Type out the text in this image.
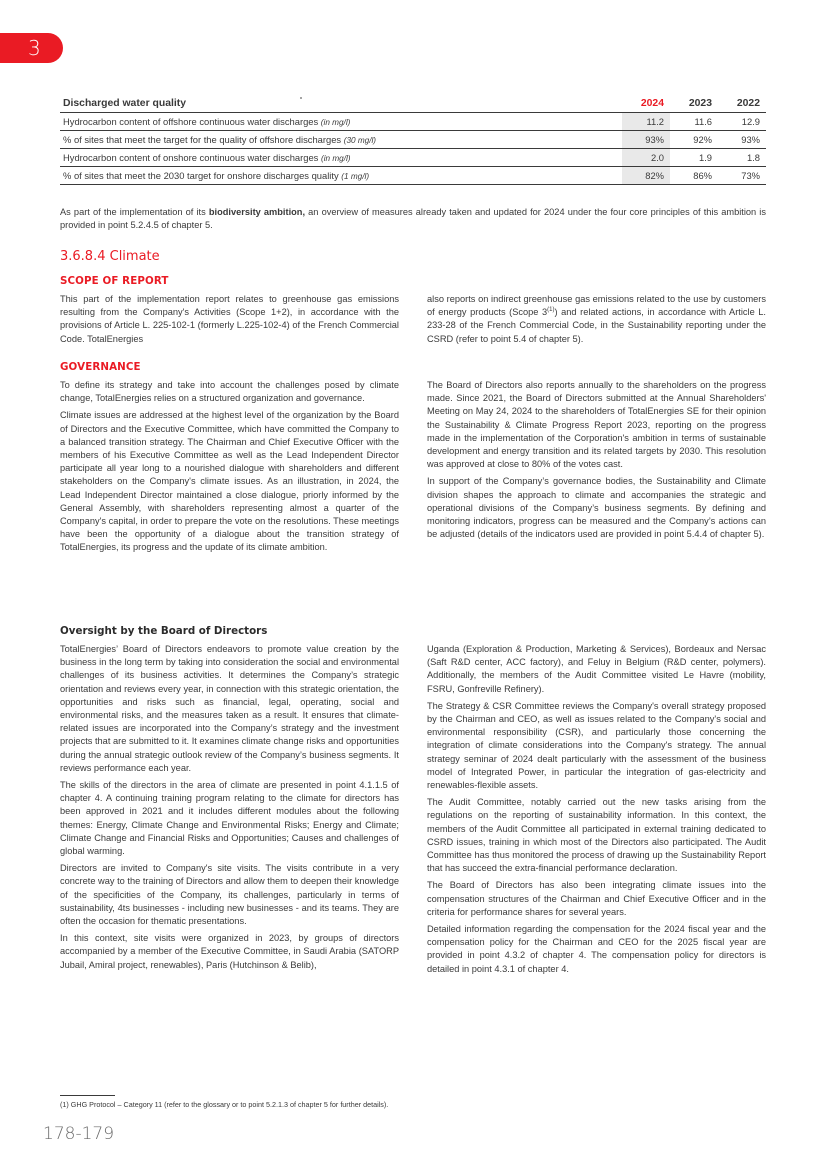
3
Discharged water quality	2024	2023	2022
Hydrocarbon content of offshore continuous water discharges (in mg/l)	11.2	11.6	12.9
% of sites that meet the target for the quality of offshore discharges (30 mg/l)	93%	92%	93%
Hydrocarbon content of onshore continuous water discharges (in mg/l)	2.0	1.9	1.8
% of sites that meet the 2030 target for onshore discharges quality (1 mg/l)	82%	86%	73%

As part of the implementation of its biodiversity ambition, an overview of measures already taken and updated for 2024 under the four core principles of this ambition is provided in point 5.2.4.5 of chapter 5.

3.6.8.4 Climate
SCOPE OF REPORT

This part of the implementation report relates to greenhouse gas emissions resulting from the Company's Activities (Scope 1+2), in accordance with the provisions of Article L. 225-102-1 (formerly L.225-102-4) of the French Commercial Code. TotalEnergies

also reports on indirect greenhouse gas emissions related to the use by customers of energy products (Scope 3$^{(1)}$) and related actions, in accordance with Article L. 233-28 of the French Commercial Code, in the Sustainability reporting under the CSRD (refer to point 5.4 of chapter 5).

GOVERNANCE

To define its strategy and take into account the challenges posed by climate change, TotalEnergies relies on a structured organization and governance.

Climate issues are addressed at the highest level of the organization by the Board of Directors and the Executive Committee, which have committed the Company to a balanced transition strategy. The Chairman and Chief Executive Officer with the members of his Executive Committee as well as the Lead Independent Director participate all year long to a nourished dialogue with shareholders and different stakeholders on the Company's climate issues. As an illustration, in 2024, the Lead Independent Director maintained a close dialogue, priorly informed by the General Assembly, with shareholders representing almost a quarter of the Company's capital, in order to prepare the vote on the resolutions. These meetings have been the opportunity of a dialogue about the transition strategy of TotalEnergies, its progress and the update of its climate ambition.

The Board of Directors also reports annually to the shareholders on the progress made. Since 2021, the Board of Directors submitted at the Annual Shareholders' Meeting on May 24, 2024 to the shareholders of TotalEnergies SE for their opinion the Sustainability & Climate Progress Report 2023, reporting on the progress made in the implementation of the Corporation's ambition in terms of sustainable development and energy transition and its related targets by 2030. This resolution was approved at close to 80% of the votes cast.

In support of the Company’s governance bodies, the Sustainability and Climate division shapes the approach to climate and accompanies the strategic and operational divisions of the Company’s business segments. By defining and monitoring indicators, progress can be measured and the Company’s actions can be adjusted (details of the indicators used are provided in point 5.4.4 of chapter 5).

Oversight by the Board of Directors

TotalEnergies’ Board of Directors endeavors to promote value creation by the business in the long term by taking into consideration the social and environmental challenges of its business activities. It determines the Company’s strategic orientation and reviews every year, in connection with this strategic orientation, the opportunities and risks such as financial, legal, operating, social and environmental risks, and the measures taken as a result. It ensures that climate-related issues are incorporated into the Company’s strategy and the investment projects that are submitted to it. It examines climate change risks and opportunities during the annual strategic outlook review of the Company’s business segments. It reviews performance each year.

The skills of the directors in the area of climate are presented in point 4.1.1.5 of chapter 4. A continuing training program relating to the climate for directors has been approved in 2021 and it includes different modules about the following themes: Energy, Climate Change and Environmental Risks; Energy and Climate; Climate Change and Financial Risks and Opportunities; Causes and challenges of global warming.

Directors are invited to Company's site visits. The visits contribute in a very concrete way to the training of Directors and allow them to deepen their knowledge of the specificities of the Company, its challenges, particularly in terms of sustainability, 4ts businesses - including new businesses - and its teams. They are often the occasion for thematic presentations.

In this context, site visits were organized in 2023, by groups of directors accompanied by a member of the Executive Committee, in Saudi Arabia (SATORP Jubail, Amiral project, renewables), Paris (Hutchinson & Belib),

Uganda (Exploration & Production, Marketing & Services), Bordeaux and Nersac (Saft R&D center, ACC factory), and Feluy in Belgium (R&D center, polymers). Additionally, the members of the Audit Committee visited Le Havre (mobility, FSRU, Gonfreville Refinery).

The Strategy & CSR Committee reviews the Company's overall strategy proposed by the Chairman and CEO, as well as issues related to the Company's social and environmental responsibility (CSR), and particularly those concerning the integration of climate considerations into the Company's strategy. The annual strategy seminar of 2024 dealt particularly with the assessment of the business model of Integrated Power, in particular the integration of gas-electricity and renewables-flexible assets.

The Audit Committee, notably carried out the new tasks arising from the regulations on the reporting of sustainability information. In this context, the members of the Audit Committee all participated in external training dedicated to CSRD issues, training in which most of the Directors also participated. The Audit Committee has thus monitored the process of drawing up the Sustainability Report that has succeed the extra-financial performance declaration.

The Board of Directors has also been integrating climate issues into the compensation structures of the Chairman and Chief Executive Officer and in the criteria for performance shares for several years.

Detailed information regarding the compensation for the 2024 fiscal year and the compensation policy for the Chairman and CEO for the 2025 fiscal year are provided in point 4.3.2 of chapter 4. The compensation policy for directors is detailed in point 4.3.1 of chapter 4.

(1) GHG Protocol – Category 11 (refer to the glossary or to point 5.2.1.3 of chapter 5 for further details).
178-179
